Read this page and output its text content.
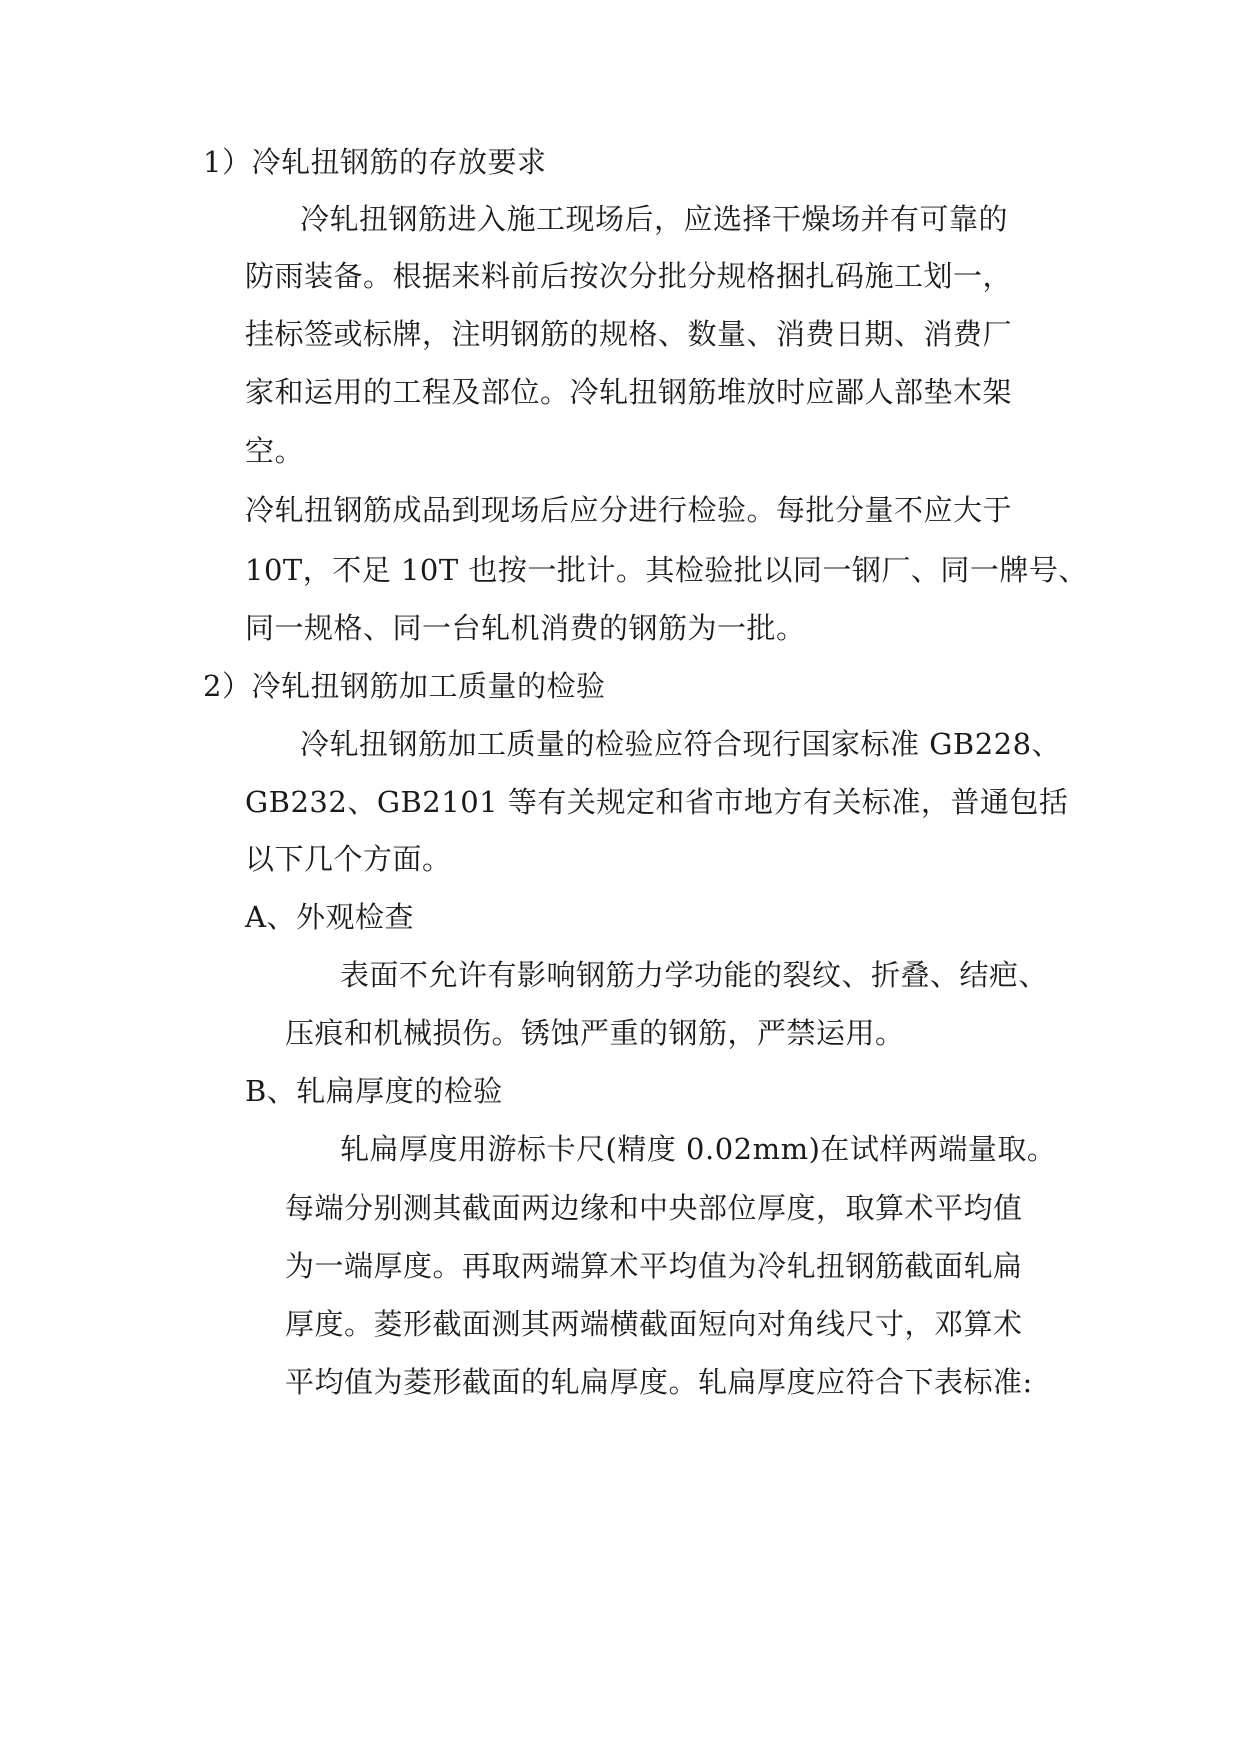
1）冷轧扭钢筋的存放要求
冷轧扭钢筋进入施工现场后，应选择干燥场并有可靠的
防雨装备。根据来料前后按次分批分规格捆扎码施工划一，
挂标签或标牌，注明钢筋的规格、数量、消费日期、消费厂
家和运用的工程及部位。冷轧扭钢筋堆放时应鄙人部垫木架
空。
冷轧扭钢筋成品到现场后应分进行检验。每批分量不应大于
10T，不足 10T 也按一批计。其检验批以同一钢厂、同一牌号、
同一规格、同一台轧机消费的钢筋为一批。
2）冷轧扭钢筋加工质量的检验
冷轧扭钢筋加工质量的检验应符合现行国家标准 GB228、
GB232、GB2101 等有关规定和省市地方有关标准，普通包括
以下几个方面。
A、外观检查
表面不允许有影响钢筋力学功能的裂纹、折叠、结疤、
压痕和机械损伤。锈蚀严重的钢筋，严禁运用。
B、轧扁厚度的检验
轧扁厚度用游标卡尺(精度 0.02mm)在试样两端量取。
每端分别测其截面两边缘和中央部位厚度，取算术平均值
为一端厚度。再取两端算术平均值为冷轧扭钢筋截面轧扁
厚度。菱形截面测其两端横截面短向对角线尺寸，邓算术
平均值为菱形截面的轧扁厚度。轧扁厚度应符合下表标准:
